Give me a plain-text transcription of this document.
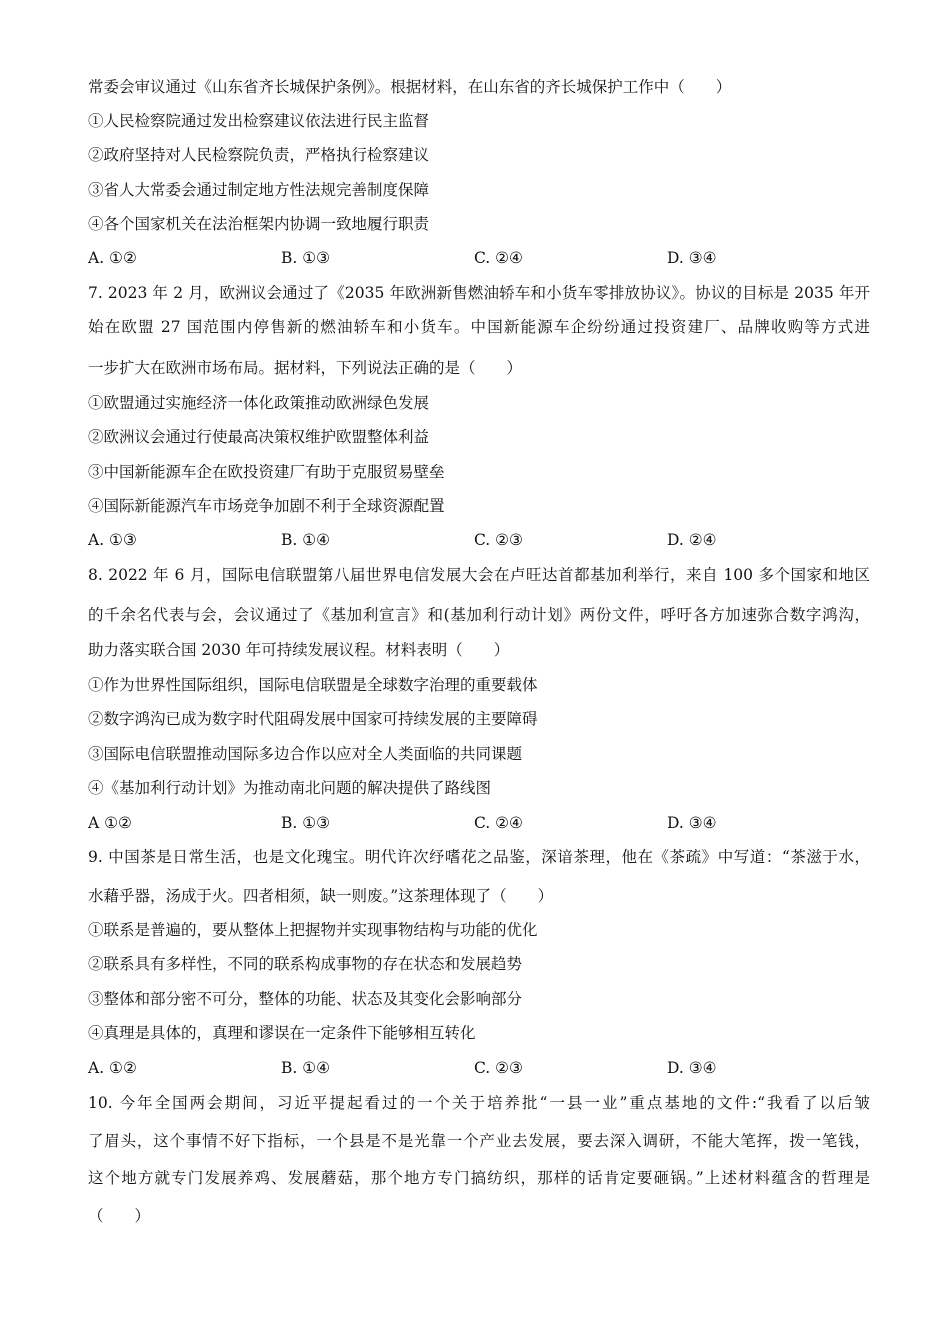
常委会审议通过《山东省齐长城保护条例》。根据材料，在山东省的齐长城保护工作中（　　）
①人民检察院通过发出检察建议依法进行民主监督
②政府坚持对人民检察院负责，严格执行检察建议
③省人大常委会通过制定地方性法规完善制度保障
④各个国家机关在法治框架内协调一致地履行职责
A. ①②	B. ①③	C. ②④	D. ③④
7. 2023 年 2 月，欧洲议会通过了《2035 年欧洲新售燃油轿车和小货车零排放协议》。协议的目标是 2035 年开
始在欧盟 27 国范围内停售新的燃油轿车和小货车。中国新能源车企纷纷通过投资建厂、品牌收购等方式进
一步扩大在欧洲市场布局。据材料，下列说法正确的是（　　）
①欧盟通过实施经济一体化政策推动欧洲绿色发展
②欧洲议会通过行使最高决策权维护欧盟整体利益
③中国新能源车企在欧投资建厂有助于克服贸易壁垒
④国际新能源汽车市场竞争加剧不利于全球资源配置
A. ①③	B. ①④	C. ②③	D. ②④
8. 2022 年 6 月，国际电信联盟第八届世界电信发展大会在卢旺达首都基加利举行，来自 100 多个国家和地区
的千余名代表与会，会议通过了《基加利宣言》和(基加利行动计划》两份文件，呼吁各方加速弥合数字鸿沟，
助力落实联合国 2030 年可持续发展议程。材料表明（　　）
①作为世界性国际组织，国际电信联盟是全球数字治理的重要载体
②数字鸿沟已成为数字时代阻碍发展中国家可持续发展的主要障碍
③国际电信联盟推动国际多边合作以应对全人类面临的共同课题
④《基加利行动计划》为推动南北问题的解决提供了路线图
A ①②	B. ①③	C. ②④	D. ③④
9. 中国茶是日常生活，也是文化瑰宝。明代许次纾嗜花之品鉴，深谙茶理，他在《茶疏》中写道：“茶滋于水，
水藉乎器，汤成于火。四者相须，缺一则废。”这茶理体现了（　　）
①联系是普遍的，要从整体上把握物并实现事物结构与功能的优化
②联系具有多样性，不同的联系构成事物的存在状态和发展趋势
③整体和部分密不可分，整体的功能、状态及其变化会影响部分
④真理是具体的，真理和谬误在一定条件下能够相互转化
A. ①②	B. ①④	C. ②③	D. ③④
10. 今年全国两会期间，习近平提起看过的一个关于培养批“一县一业”重点基地的文件:“我看了以后皱
了眉头，这个事情不好下指标，一个县是不是光靠一个产业去发展，要去深入调研，不能大笔挥，拨一笔钱，
这个地方就专门发展养鸡、发展蘑菇，那个地方专门搞纺织，那样的话肯定要砸锅。”上述材料蕴含的哲理是
（　　）
